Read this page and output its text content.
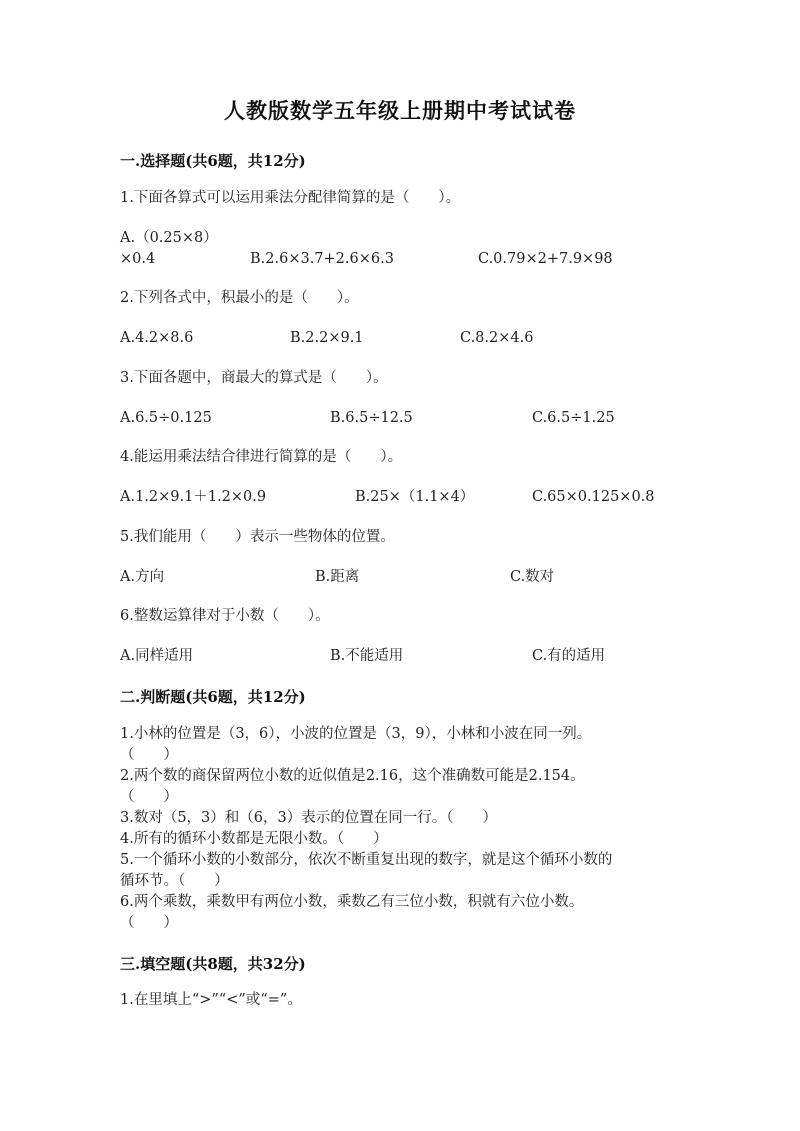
人教版数学五年级上册期中考试试卷
一.选择题(共6题，共12分)
1.下面各算式可以运用乘法分配律简算的是（　　）。
A.（0.25×8）×0.4	B.2.6×3.7+2.6×6.3	C.0.79×2+7.9×98
2.下列各式中，积最小的是（　　）。
A.4.2×8.6	B.2.2×9.1	C.8.2×4.6
3.下面各题中，商最大的算式是（　　）。
A.6.5÷0.125	B.6.5÷12.5	C.6.5÷1.25
4.能运用乘法结合律进行简算的是（　　）。
A.1.2×9.1＋1.2×0.9	B.25×（1.1×4）	C.65×0.125×0.8
5.我们能用（　　）表示一些物体的位置。
A.方向	B.距离	C.数对
6.整数运算律对于小数（　　）。
A.同样适用	B.不能适用	C.有的适用
二.判断题(共6题，共12分)
1.小林的位置是（3，6），小波的位置是（3，9），小林和小波在同一列。
（　　）
2.两个数的商保留两位小数的近似值是2.16，这个准确数可能是2.154。
（　　）
3.数对（5，3）和（6，3）表示的位置在同一行。（　　）
4.所有的循环小数都是无限小数。（　　）
5.一个循环小数的小数部分，依次不断重复出现的数字，就是这个循环小数的
循环节。（　　）
6.两个乘数，乘数甲有两位小数，乘数乙有三位小数，积就有六位小数。
（　　）
三.填空题(共8题，共32分)
1.在里填上“>”“<”或“=”。
